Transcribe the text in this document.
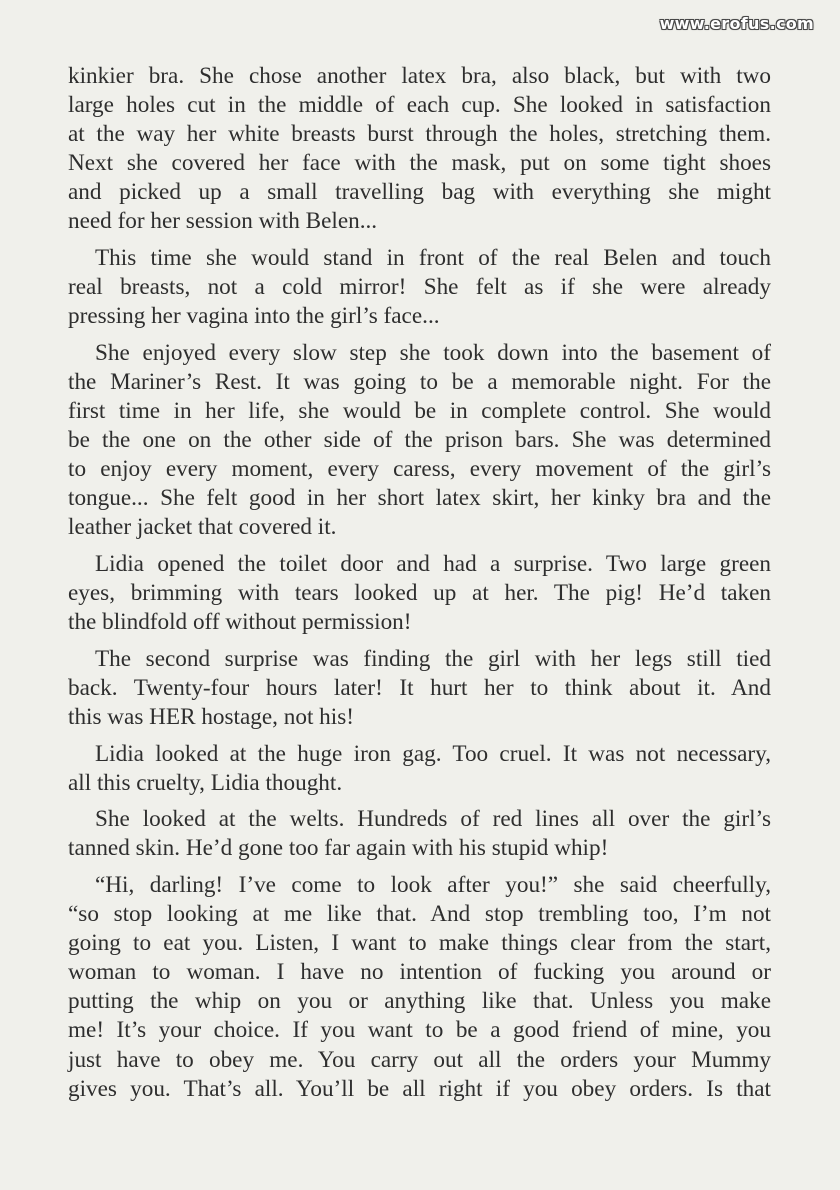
www.erofus.com
kinkier bra. She chose another latex bra, also black, but with two
large holes cut in the middle of each cup. She looked in satisfaction
at the way her white breasts burst through the holes, stretching them.
Next she covered her face with the mask, put on some tight shoes
and picked up a small travelling bag with everything she might
need for her session with Belen...
This time she would stand in front of the real Belen and touch
real breasts, not a cold mirror! She felt as if she were already
pressing her vagina into the girl’s face...
She enjoyed every slow step she took down into the basement of
the Mariner’s Rest. It was going to be a memorable night. For the
first time in her life, she would be in complete control. She would
be the one on the other side of the prison bars. She was determined
to enjoy every moment, every caress, every movement of the girl’s
tongue... She felt good in her short latex skirt, her kinky bra and the
leather jacket that covered it.
Lidia opened the toilet door and had a surprise. Two large green
eyes, brimming with tears looked up at her. The pig! He’d taken
the blindfold off without permission!
The second surprise was finding the girl with her legs still tied
back. Twenty-four hours later! It hurt her to think about it. And
this was HER hostage, not his!
Lidia looked at the huge iron gag. Too cruel. It was not necessary,
all this cruelty, Lidia thought.
She looked at the welts. Hundreds of red lines all over the girl’s
tanned skin. He’d gone too far again with his stupid whip!
“Hi, darling! I’ve come to look after you!” she said cheerfully,
“so stop looking at me like that. And stop trembling too, I’m not
going to eat you. Listen, I want to make things clear from the start,
woman to woman. I have no intention of fucking you around or
putting the whip on you or anything like that. Unless you make
me! It’s your choice. If you want to be a good friend of mine, you
just have to obey me. You carry out all the orders your Mummy
gives you. That’s all. You’ll be all right if you obey orders. Is that
